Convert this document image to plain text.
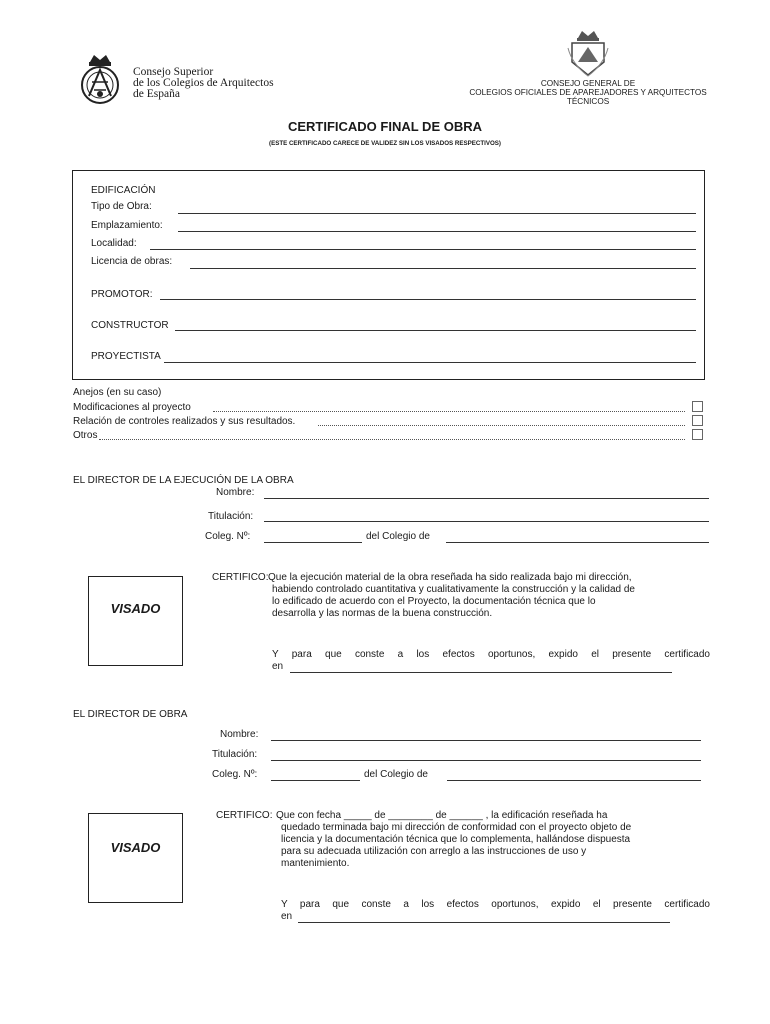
Consejo Superior
de los Colegios de Arquitectos
de España
CONSEJO GENERAL DE
COLEGIOS OFICIALES DE APAREJADORES Y ARQUITECTOS
TÉCNICOS
CERTIFICADO FINAL DE OBRA
(ESTE CERTIFICADO CARECE DE VALIDEZ SIN LOS VISADOS RESPECTIVOS)
EDIFICACIÓN
Tipo de Obra:
Emplazamiento:
Localidad:
Licencia de obras:
PROMOTOR:
CONSTRUCTOR
PROYECTISTA
Anejos (en su caso)
Modificaciones al proyecto
Relación de controles realizados y sus resultados.
Otros
EL DIRECTOR DE LA EJECUCIÓN DE LA OBRA
Nombre:
Titulación:
Coleg. Nº:	del Colegio de
VISADO
CERTIFICO: Que la ejecución material de la obra reseñada ha sido realizada bajo mi dirección,
habiendo controlado cuantitativa y cualitativamente la construcción y la calidad de
lo edificado de acuerdo con el Proyecto, la documentación técnica que lo
desarrolla y las normas de la buena construcción.
Y para que conste a los efectos oportunos, expido el presente certificado
en
EL DIRECTOR DE OBRA
Nombre:
Titulación:
Coleg. Nº:	del Colegio de
VISADO
CERTIFICO: Que con fecha _____ de ________ de ______ , la edificación reseñada ha
quedado terminada bajo mi dirección de conformidad con el proyecto objeto de
licencia y la documentación técnica que lo complementa, hallándose dispuesta
para su adecuada utilización con arreglo a las instrucciones de uso y
mantenimiento.
Y para que conste a los efectos oportunos, expido el presente certificado
en
